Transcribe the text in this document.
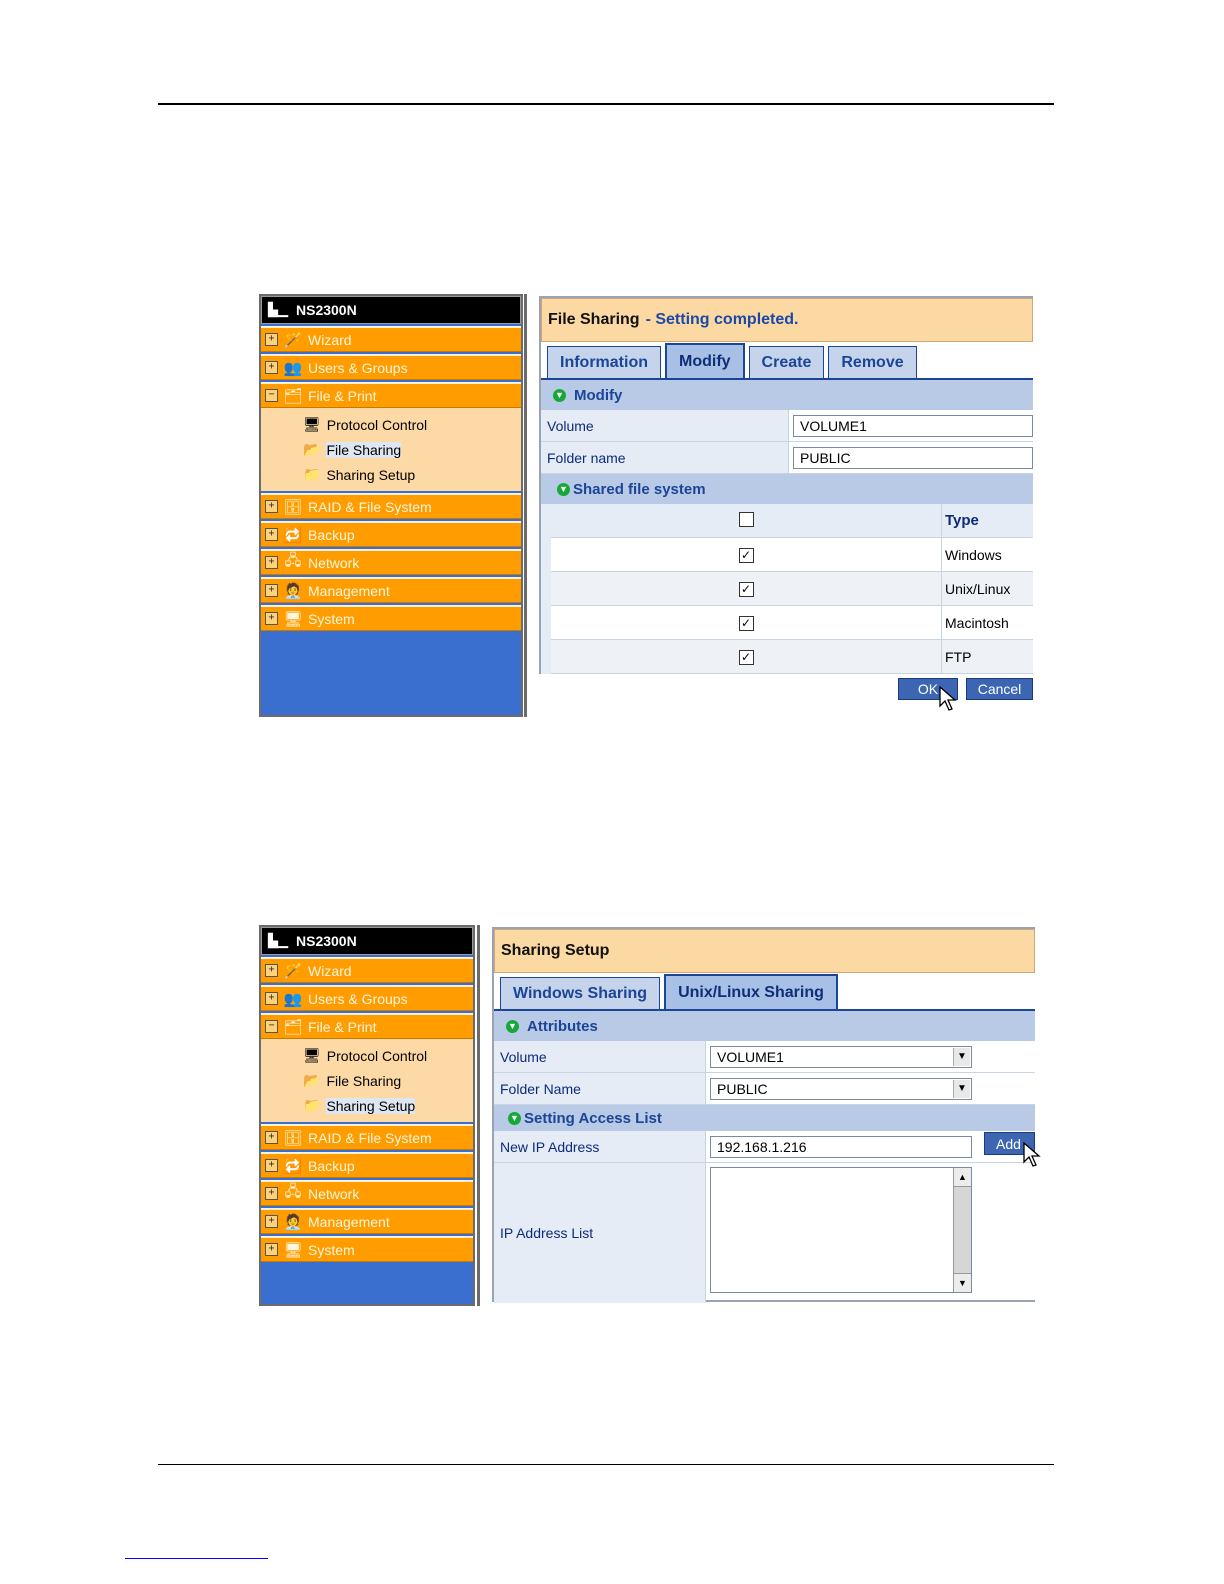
▙▁ NS2300N
+ 🪄 Wizard
+ 👥 Users & Groups
− 🗂 File & Print
🖥 Protocol Control
📂 File Sharing
📁 Sharing Setup
+ 🗄 RAID & File System
+ 🔁 Backup
+ 🖧 Network
+ 🧑‍💼 Management
+ 🖥 System
File Sharing - Setting completed.
Information	Modify	Create	Remove
▼ Modify
Volume	VOLUME1
Folder name	PUBLIC
▼ Shared file system
	Type
✓	Windows
✓	Unix/Linux
✓	Macintosh
✓	FTP
OK	Cancel
▙▁ NS2300N
+ 🪄 Wizard
+ 👥 Users & Groups
− 🗂 File & Print
🖥 Protocol Control
📂 File Sharing
📁 Sharing Setup
+ 🗄 RAID & File System
+ 🔁 Backup
+ 🖧 Network
+ 🧑‍💼 Management
+ 🖥 System
Sharing Setup
Windows Sharing	Unix/Linux Sharing
▼ Attributes
Volume	VOLUME1	▼
Folder Name	PUBLIC	▼
▼ Setting Access List
New IP Address	192.168.1.216
IP Address List
▲
▼
Add
